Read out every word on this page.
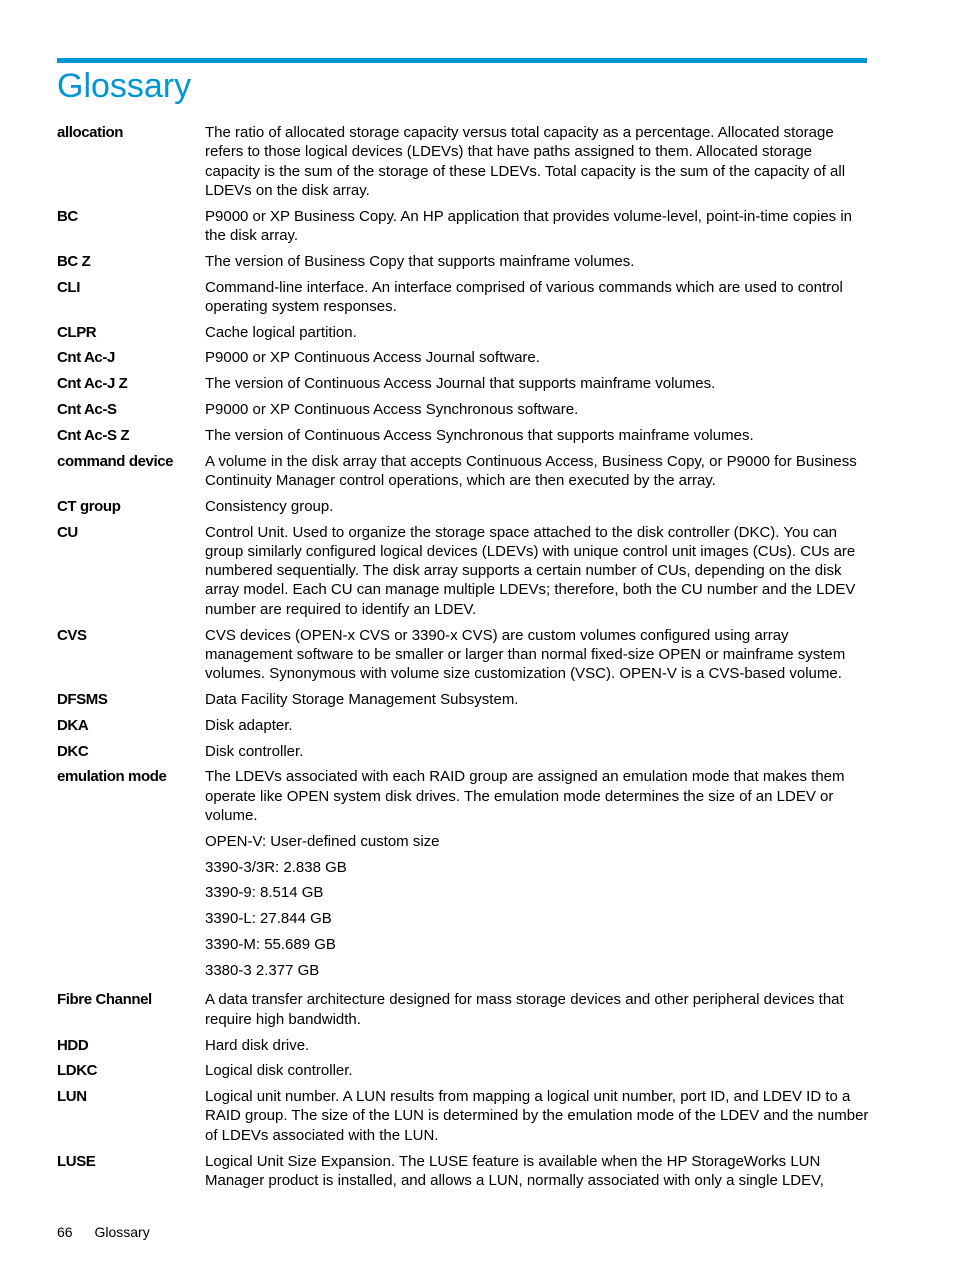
Glossary
allocation	The ratio of allocated storage capacity versus total capacity as a percentage. Allocated storage refers to those logical devices (LDEVs) that have paths assigned to them. Allocated storage capacity is the sum of the storage of these LDEVs. Total capacity is the sum of the capacity of all LDEVs on the disk array.

BC	P9000 or XP Business Copy. An HP application that provides volume-level, point-in-time copies in the disk array.

BC Z	The version of Business Copy that supports mainframe volumes.

CLI	Command-line interface. An interface comprised of various commands which are used to control operating system responses.

CLPR	Cache logical partition.

Cnt Ac-J	P9000 or XP Continuous Access Journal software.

Cnt Ac-J Z	The version of Continuous Access Journal that supports mainframe volumes.

Cnt Ac-S	P9000 or XP Continuous Access Synchronous software.

Cnt Ac-S Z	The version of Continuous Access Synchronous that supports mainframe volumes.

command device	A volume in the disk array that accepts Continuous Access, Business Copy, or P9000 for Business Continuity Manager control operations, which are then executed by the array.

CT group	Consistency group.

CU	Control Unit. Used to organize the storage space attached to the disk controller (DKC). You can group similarly configured logical devices (LDEVs) with unique control unit images (CUs). CUs are numbered sequentially. The disk array supports a certain number of CUs, depending on the disk array model. Each CU can manage multiple LDEVs; therefore, both the CU number and the LDEV number are required to identify an LDEV.

CVS	CVS devices (OPEN-x CVS or 3390-x CVS) are custom volumes configured using array management software to be smaller or larger than normal fixed-size OPEN or mainframe system volumes. Synonymous with volume size customization (VSC). OPEN-V is a CVS-based volume.

DFSMS	Data Facility Storage Management Subsystem.

DKA	Disk adapter.

DKC	Disk controller.

emulation mode	The LDEVs associated with each RAID group are assigned an emulation mode that makes them operate like OPEN system disk drives. The emulation mode determines the size of an LDEV or volume.

OPEN-V: User-defined custom size

3390-3/3R: 2.838 GB

3390-9: 8.514 GB

3390-L: 27.844 GB

3390-M: 55.689 GB

3380-3 2.377 GB

Fibre Channel	A data transfer architecture designed for mass storage devices and other peripheral devices that require high bandwidth.

HDD	Hard disk drive.

LDKC	Logical disk controller.

LUN	Logical unit number. A LUN results from mapping a logical unit number, port ID, and LDEV ID to a RAID group. The size of the LUN is determined by the emulation mode of the LDEV and the number of LDEVs associated with the LUN.

LUSE	Logical Unit Size Expansion. The LUSE feature is available when the HP StorageWorks LUN Manager product is installed, and allows a LUN, normally associated with only a single LDEV,

66 Glossary
